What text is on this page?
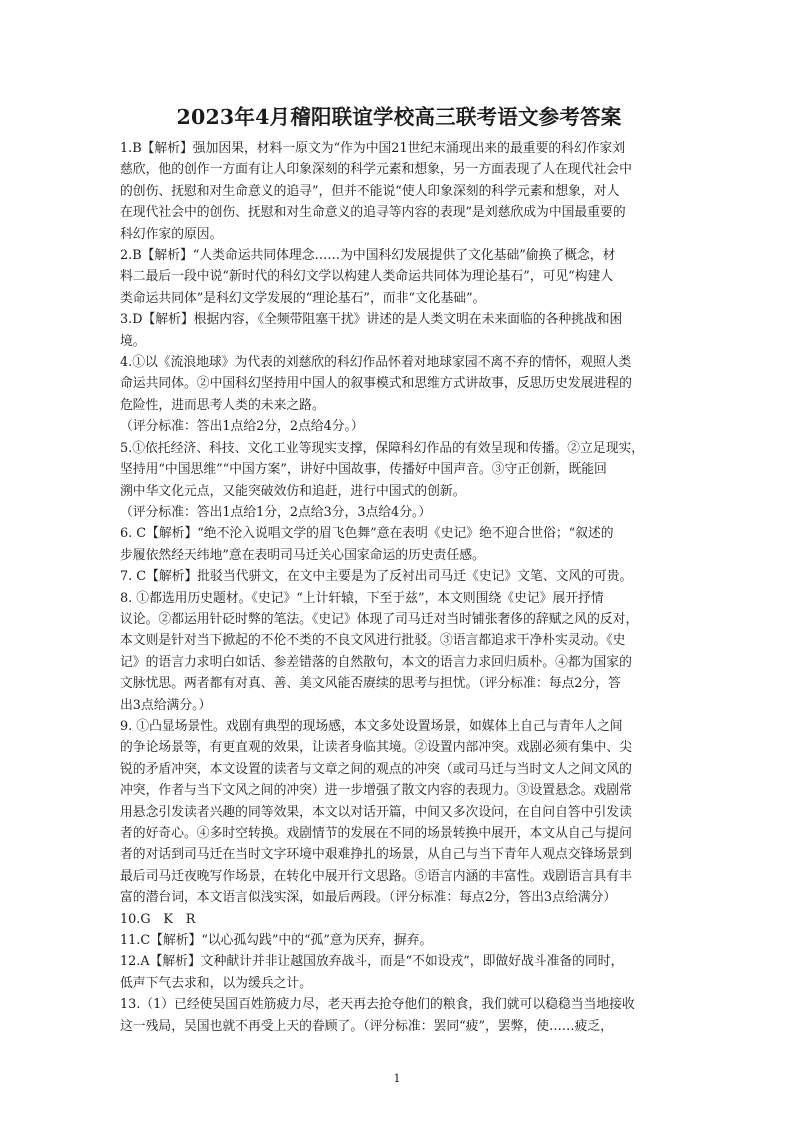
2023年4月稽阳联谊学校高三联考语文参考答案

1.B【解析】强加因果，材料一原文为“作为中国21世纪末涌现出来的最重要的科幻作家刘
慈欣，他的创作一方面有让人印象深刻的科学元素和想象，另一方面表现了人在现代社会中
的创伤、抚慰和对生命意义的追寻”，但并不能说“使人印象深刻的科学元素和想象，对人
在现代社会中的创伤、抚慰和对生命意义的追寻等内容的表现”是刘慈欣成为中国最重要的
科幻作家的原因。

2.B【解析】“人类命运共同体理念……为中国科幻发展提供了文化基础”偷换了概念，材
料二最后一段中说“新时代的科幻文学以构建人类命运共同体为理论基石”，可见“构建人
类命运共同体”是科幻文学发展的“理论基石”，而非“文化基础”。

3.D【解析】根据内容，《全频带阻塞干扰》讲述的是人类文明在未来面临的各种挑战和困
境。

4.①以《流浪地球》为代表的刘慈欣的科幻作品怀着对地球家园不离不弃的情怀，观照人类
命运共同体。②中国科幻坚持用中国人的叙事模式和思维方式讲故事，反思历史发展进程的
危险性，进而思考人类的未来之路。
（评分标准：答出1点给2分，2点给4分。）

5.①依托经济、科技、文化工业等现实支撑，保障科幻作品的有效呈现和传播。②立足现实，
坚持用“中国思维”“中国方案”，讲好中国故事，传播好中国声音。③守正创新，既能回
溯中华文化元点，又能突破效仿和追赶，进行中国式的创新。
（评分标准：答出1点给1分，2点给3分，3点给4分。）

6. C【解析】“绝不沦入说唱文学的眉飞色舞”意在表明《史记》绝不迎合世俗；“叙述的
步履依然经天纬地”意在表明司马迁关心国家命运的历史责任感。

7. C【解析】批驳当代骈文，在文中主要是为了反衬出司马迁《史记》文笔、文风的可贵。

8. ①都选用历史题材。《史记》“上计轩辕，下至于兹”，本文则围绕《史记》展开抒情
议论。②都运用针砭时弊的笔法。《史记》体现了司马迁对当时铺张奢侈的辞赋之风的反对，
本文则是针对当下掀起的不伦不类的不良文风进行批驳。③语言都追求干净朴实灵动。《史
记》的语言力求明白如话、参差错落的自然散句，本文的语言力求回归质朴。④都为国家的
文脉忧思。两者都有对真、善、美文风能否赓续的思考与担忧。（评分标准：每点2分，答
出3点给满分。）

9. ①凸显场景性。戏剧有典型的现场感，本文多处设置场景，如媒体上自己与青年人之间
的争论场景等，有更直观的效果，让读者身临其境。②设置内部冲突。戏剧必须有集中、尖
锐的矛盾冲突，本文设置的读者与文章之间的观点的冲突（或司马迁与当时文人之间文风的
冲突，作者与当下文风之间的冲突）进一步增强了散文内容的表现力。③设置悬念。戏剧常
用悬念引发读者兴趣的同等效果，本文以对话开篇，中间又多次设问，在自问自答中引发读
者的好奇心。④多时空转换。戏剧情节的发展在不同的场景转换中展开，本文从自己与提问
者的对话到司马迁在当时文字环境中艰难挣扎的场景，从自己与当下青年人观点交锋场景到
最后司马迁夜晚写作场景，在转化中展开行文思路。⑤语言内涵的丰富性。戏剧语言具有丰
富的潜台词，本文语言似浅实深，如最后两段。（评分标准：每点2分，答出3点给满分）

10.G　K　R

11.C【解析】“以心孤勾践”中的“孤”意为厌弃，摒弃。

12.A【解析】文种献计并非让越国放弃战斗，而是“不如设戎”，即做好战斗准备的同时，
低声下气去求和，以为缓兵之计。

13.（1）已经使吴国百姓筋疲力尽，老天再去抢夺他们的粮食，我们就可以稳稳当当地接收
这一残局，吴国也就不再受上天的眷顾了。（评分标准：罢同“疲”，罢弊，使……疲乏，

1
